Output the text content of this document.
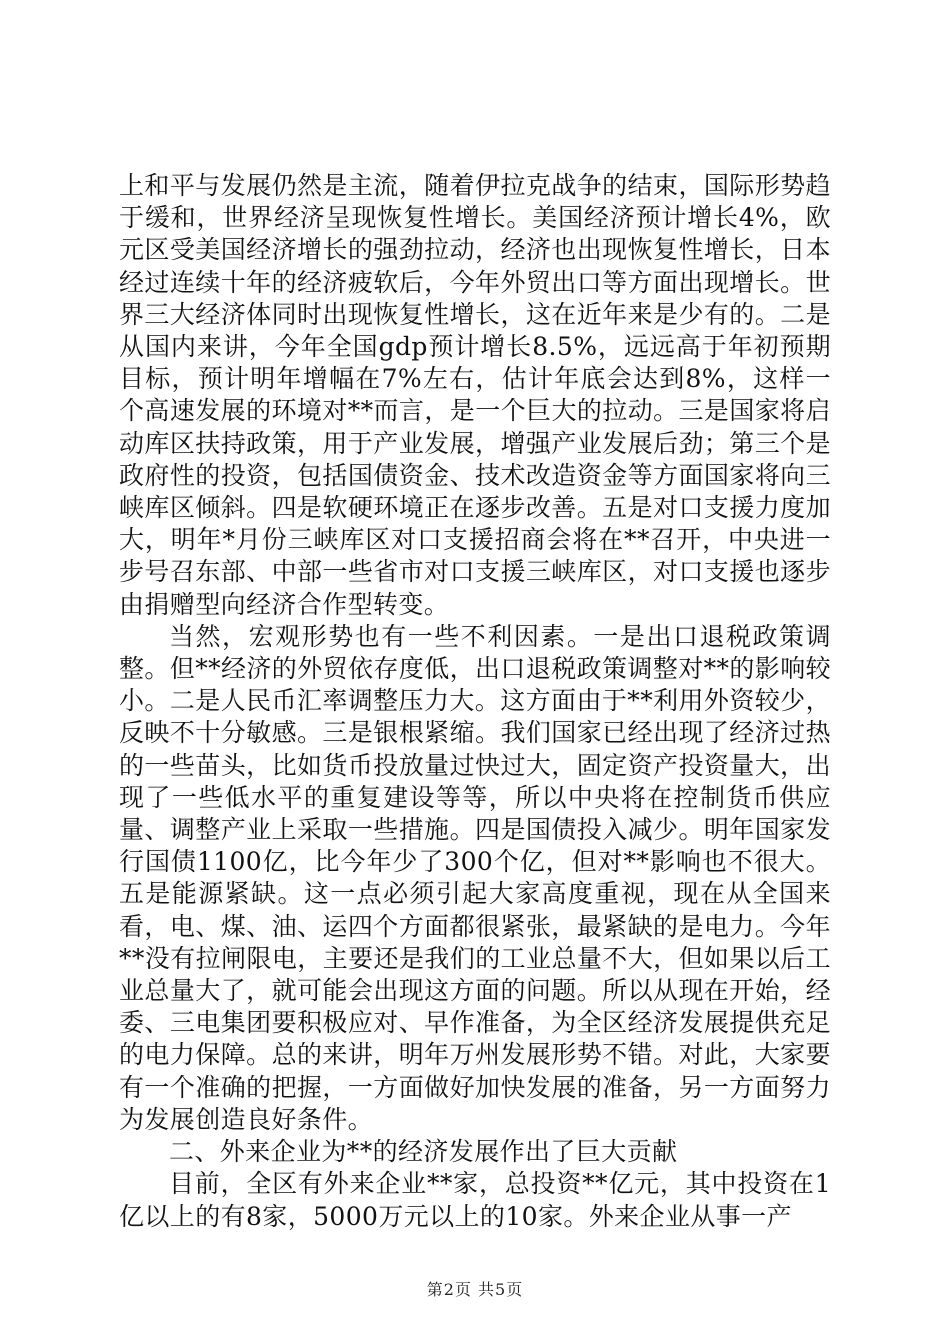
上和平与发展仍然是主流，随着伊拉克战争的结束，国际形势趋于缓和，世界经济呈现恢复性增长。美国经济预计增长4%，欧元区受美国经济增长的强劲拉动，经济也出现恢复性增长，日本经过连续十年的经济疲软后，今年外贸出口等方面出现增长。世界三大经济体同时出现恢复性增长，这在近年来是少有的。二是从国内来讲，今年全国gdp预计增长8.5%，远远高于年初预期目标，预计明年增幅在7%左右，估计年底会达到8%，这样一个高速发展的环境对**而言，是一个巨大的拉动。三是国家将启动库区扶持政策，用于产业发展，增强产业发展后劲；第三个是政府性的投资，包括国债资金、技术改造资金等方面国家将向三峡库区倾斜。四是软硬环境正在逐步改善。五是对口支援力度加大，明年*月份三峡库区对口支援招商会将在**召开，中央进一步号召东部、中部一些省市对口支援三峡库区，对口支援也逐步由捐赠型向经济合作型转变。

当然，宏观形势也有一些不利因素。一是出口退税政策调整。但**经济的外贸依存度低，出口退税政策调整对**的影响较小。二是人民币汇率调整压力大。这方面由于**利用外资较少，反映不十分敏感。三是银根紧缩。我们国家已经出现了经济过热的一些苗头，比如货币投放量过快过大，固定资产投资量大，出现了一些低水平的重复建设等等，所以中央将在控制货币供应量、调整产业上采取一些措施。四是国债投入减少。明年国家发行国债1100亿，比今年少了300个亿，但对**影响也不很大。五是能源紧缺。这一点必须引起大家高度重视，现在从全国来看，电、煤、油、运四个方面都很紧张，最紧缺的是电力。今年**没有拉闸限电，主要还是我们的工业总量不大，但如果以后工业总量大了，就可能会出现这方面的问题。所以从现在开始，经委、三电集团要积极应对、早作准备，为全区经济发展提供充足的电力保障。总的来讲，明年万州发展形势不错。对此，大家要有一个准确的把握，一方面做好加快发展的准备，另一方面努力为发展创造良好条件。

二、外来企业为**的经济发展作出了巨大贡献

目前，全区有外来企业**家，总投资**亿元，其中投资在1亿以上的有8家，5000万元以上的10家。外来企业从事一产

第2页 共5页
